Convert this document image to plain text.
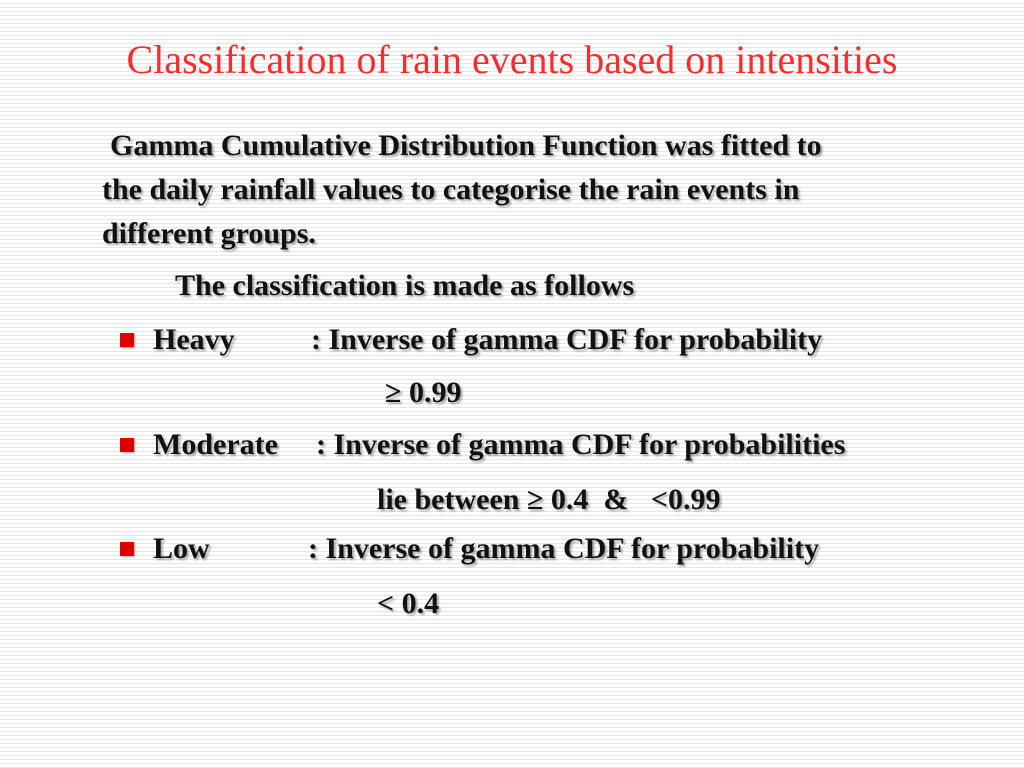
Classification of rain events based on intensities
Gamma Cumulative Distribution Function was fitted to
the daily rainfall values to categorise the rain events in
different groups.
The classification is made as follows
Heavy	: Inverse of gamma CDF for probability
≥ 0.99
Moderate : Inverse of gamma CDF for probabilities
lie between ≥ 0.4  &   <0.99
Low	: Inverse of gamma CDF for probability
< 0.4
